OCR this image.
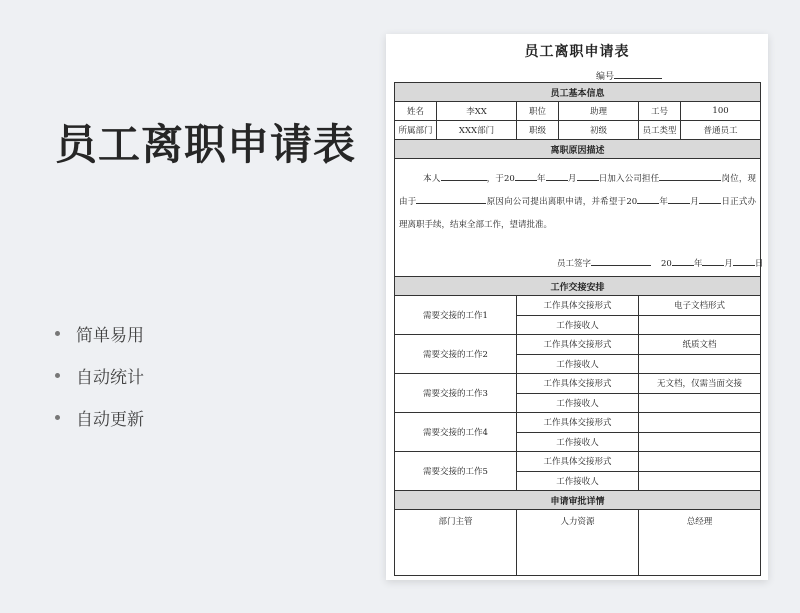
员工离职申请表
简单易用
自动统计
自动更新
员工离职申请表
编号
员工基本信息					
姓名	李XX	职位	助理	工号	100
所属部门	XXX部门	职级	初级	员工类型	普通员工
离职原因描述					

本人 ，于20 年 月 日加入公司担任 岗位，现由于 原因向公司提出离职申请，并希望于20 年 月 日正式办理离职手续，结束全部工作，望请批准。
员工签字 20 年 月 日					

工作交接安排					
需要交接的工作1		工作具体交接形式		电子文档形式	
		工作接收人			
需要交接的工作2		工作具体交接形式		纸质文档	
		工作接收人			
需要交接的工作3		工作具体交接形式		无文档，仅需当面交接	
		工作接收人			
需要交接的工作4		工作具体交接形式			
		工作接收人			
需要交接的工作5		工作具体交接形式			
		工作接收人			
申请审批详情					
部门主管		人力资源		总经理	
